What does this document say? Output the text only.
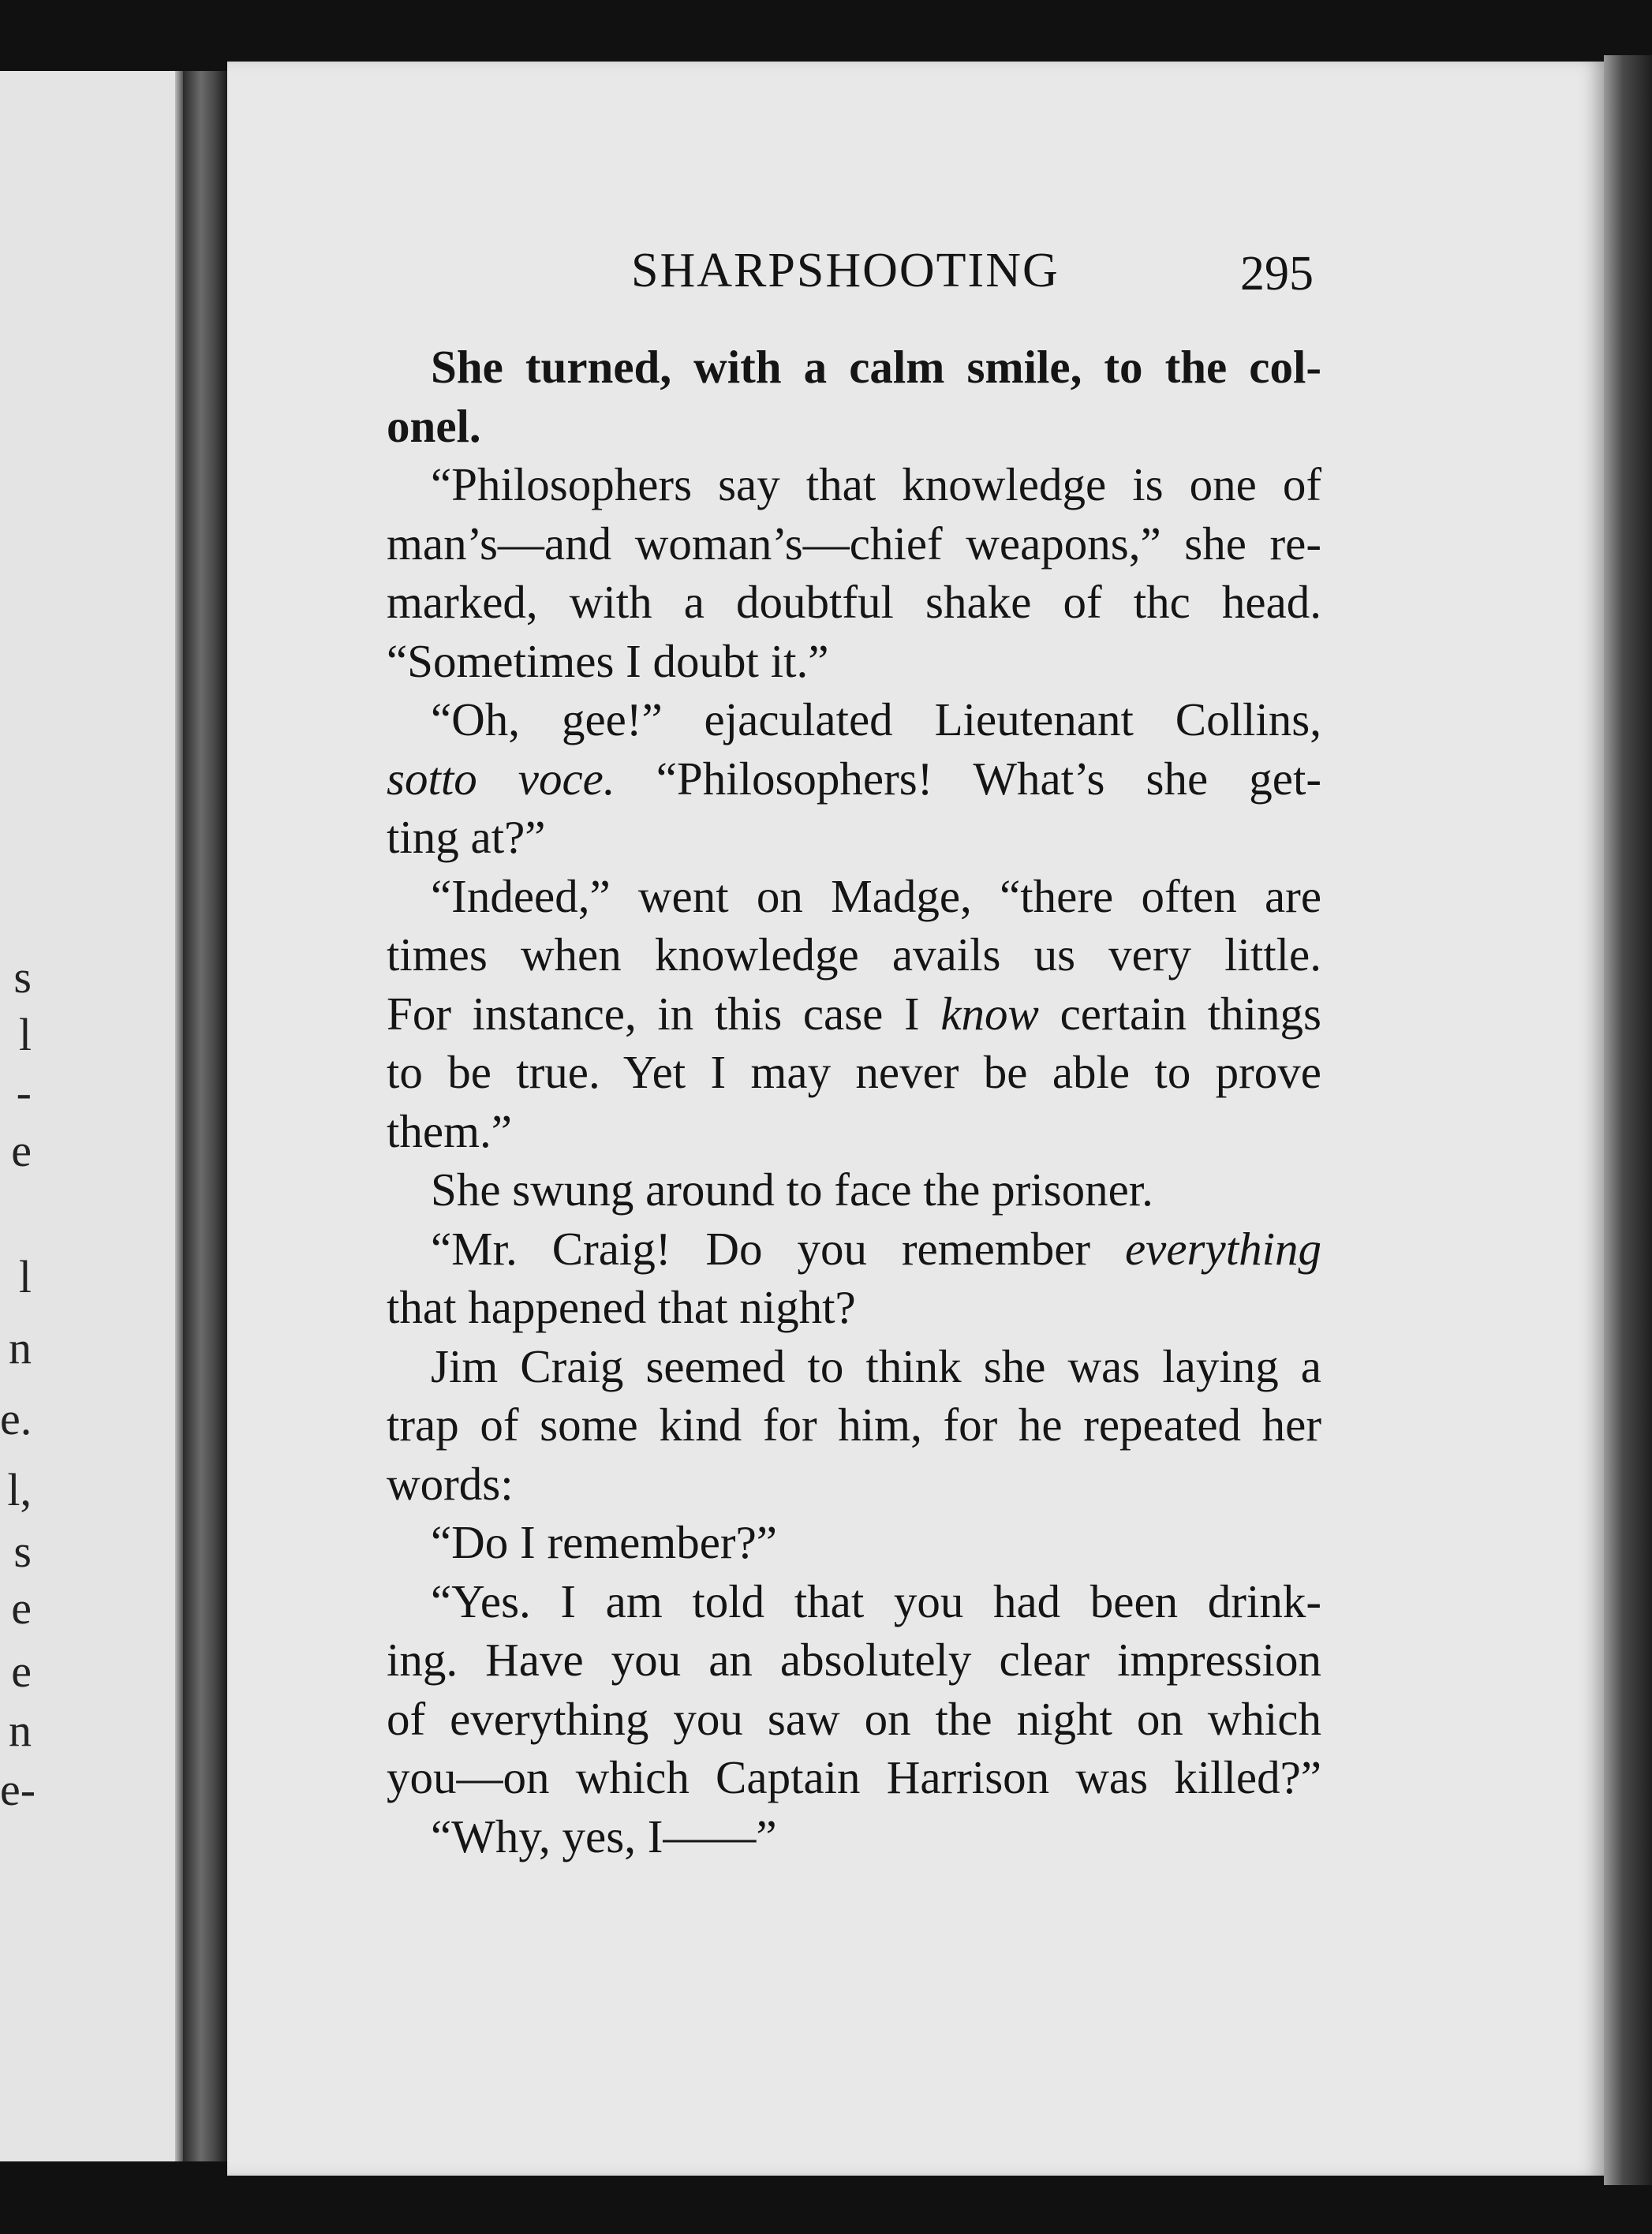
s
l
-
e
l
n
e.
l,
s
e
e
n
e-
SHARPSHOOTING	295
She turned, with a calm smile, to the col-
onel.
“Philosophers say that knowledge is one of
man’s—and woman’s—chief weapons,” she re-
marked, with a doubtful shake of thc head.
“Sometimes I doubt it.”
“Oh, gee!” ejaculated Lieutenant Collins,
sotto voce. “Philosophers! What’s she get-
ting at?”
“Indeed,” went on Madge, “there often are
times when knowledge avails us very little.
For instance, in this case I know certain things
to be true. Yet I may never be able to prove
them.”
She swung around to face the prisoner.
“Mr. Craig! Do you remember everything
that happened that night?
Jim Craig seemed to think she was laying a
trap of some kind for him, for he repeated her
words:
“Do I remember?”
“Yes. I am told that you had been drink-
ing. Have you an absolutely clear impression
of everything you saw on the night on which
you—on which Captain Harrison was killed?”
“Why, yes, I——”
